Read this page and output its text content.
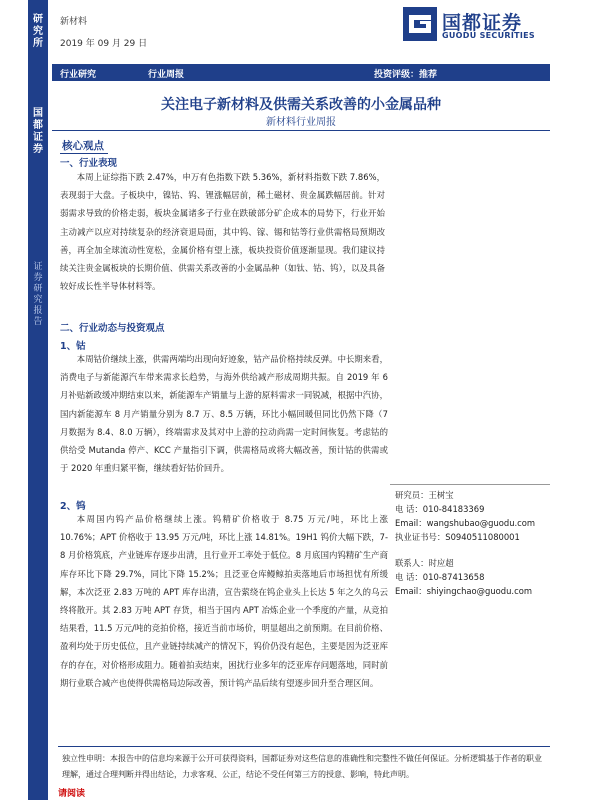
研究所
国都证券
证券研究报告
新材料
2019 年 09 月 29 日
国都证券
GUODU SECURITIES
行业研究	行业周报	投资评级：推荐
关注电子新材料及供需关系改善的小金属品种
新材料行业周报
核心观点
一、行业表现
本周上证综指下跌 2.47%，申万有色指数下跌 5.36%，新材料指数下跌 7.86%，表现弱于大盘。子板块中，镍钴、钨、锂涨幅居前，稀土磁材、贵金属跌幅居前。针对弱需求导致的价格走弱，板块金属诸多子行业在跌破部分矿企成本的局势下，行业开始主动减产以应对持续复杂的经济衰退局面，其中钨、镓、锡和钴等行业供需格局预期改善，再全加全球流动性宽松，金属价格有望上涨，板块投资价值逐渐显现。我们建议持续关注贵金属板块的长期价值、供需关系改善的小金属品种（如钛、钴、钨），以及具备较好成长性半导体材料等。
二、行业动态与投资观点
1、钴
本周钴价继续上涨，供需两端均出现向好迹象，钴产品价格持续反弹。中长期来看，消费电子与新能源汽车带来需求长趋势，与海外供给减产形成周期共振。自 2019 年 6 月补贴新政缓冲期结束以来，新能源车产销量与上游的原料需求一同锐减，根据中汽协，国内新能源车 8 月产销量分别为 8.7 万、8.5 万辆，环比小幅回暖但同比仍然下降（7 月数据为 8.4、8.0 万辆），终端需求及其对中上游的拉动尚需一定时间恢复。考虑钴的供给受 Mutanda 停产、KCC 产量指引下调，供需格局或将大幅改善，预计钴的供需或于 2020 年重归紧平衡，继续看好钴价回升。
2、钨
本周国内钨产品价格继续上涨。钨精矿价格收于 8.75 万元/吨，环比上涨 10.76%；APT 价格收于 13.95 万元/吨，环比上涨 14.81%。19H1 钨价大幅下跌，7-8 月价格筑底，产业链库存逐步出清，且行业开工率处于低位。8 月底国内钨精矿生产商库存环比下降 29.7%，同比下降 15.2%；且泛亚仓库鳗鲸拍卖落地后市场担忧有所缓解，本次泛亚 2.83 万吨的 APT 库存出清，宣告萦绕在钨企业头上长达 5 年之久的乌云终将散开。其 2.83 万吨 APT 存货，相当于国内 APT 冶炼企业一个季度的产量，从竞拍结果看，11.5 万元/吨的竞拍价格，接近当前市场价，明显超出之前预期。在目前价格、盈利均处于历史低位，且产业链持续减产的情况下，钨价仍没有起色，主要是因为泛亚库存的存在，对价格形成阻力。随着拍卖结束，困扰行业多年的泛亚库存问题落地，同时前期行业联合减产也使得供需格局边际改善，预计钨产品后续有望逐步回升至合理区间。
研究员：王树宝
电 话：010-84183369
Email：wangshubao@guodu.com
执业证书号：S0940511080001
联系人：时应超
电 话：010-87413658
Email：shiyingchao@guodu.com
独立性申明：本报告中的信息均来源于公开可获得资料，国都证券对这些信息的准确性和完整性不做任何保证。分析逻辑基于作者的职业理解，通过合理判断并得出结论，力求客观、公正，结论不受任何第三方的授意、影响，特此声明。
请阅读
